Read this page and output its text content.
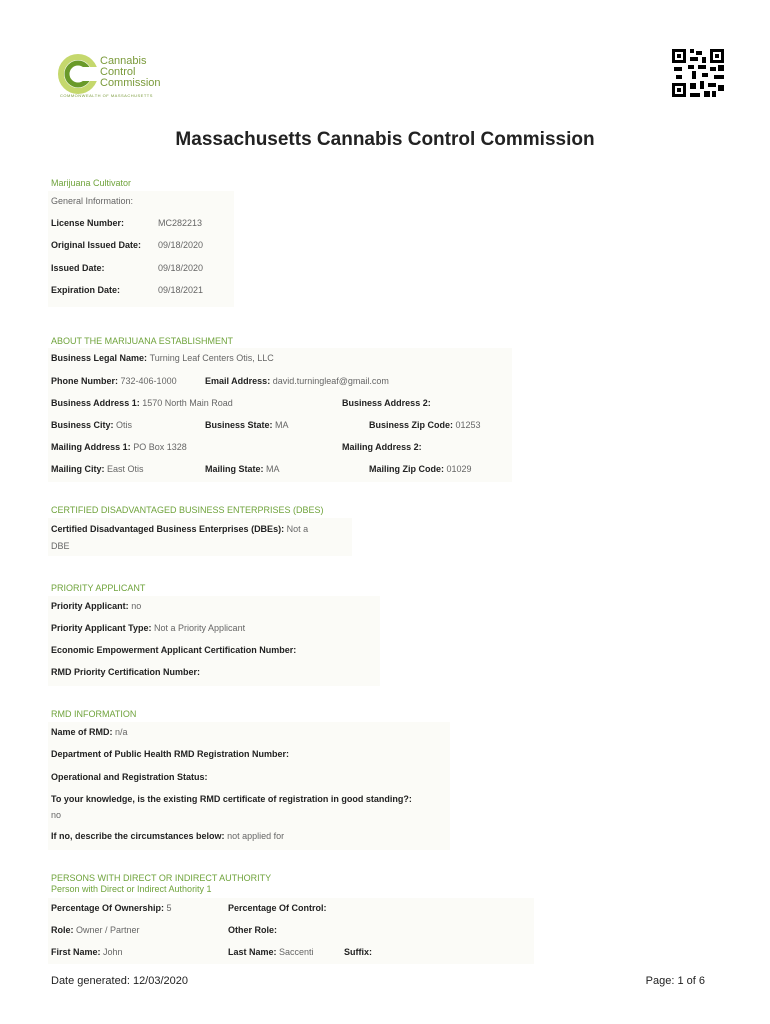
Cannabis
Control
Commission
COMMONWEALTH OF MASSACHUSETTS
Massachusetts Cannabis Control Commission
Marijuana Cultivator
General Information:
License Number:	MC282213
Original Issued Date: 09/18/2020
Issued Date:	09/18/2020
Expiration Date:	09/18/2021
ABOUT THE MARIJUANA ESTABLISHMENT
Business Legal Name: Turning Leaf Centers Otis, LLC
Phone Number: 732-406-1000	Email Address: david.turningleaf@gmail.com
Business Address 1: 1570 North Main Road	Business Address 2:
Business City: Otis	Business State: MA	Business Zip Code: 01253
Mailing Address 1: PO Box 1328	Mailing Address 2:
Mailing City: East Otis	Mailing State: MA	Mailing Zip Code: 01029
CERTIFIED DISADVANTAGED BUSINESS ENTERPRISES (DBES)
Certified Disadvantaged Business Enterprises (DBEs): Not a
DBE
PRIORITY APPLICANT
Priority Applicant: no
Priority Applicant Type: Not a Priority Applicant
Economic Empowerment Applicant Certification Number:
RMD Priority Certification Number:
RMD INFORMATION
Name of RMD: n/a
Department of Public Health RMD Registration Number:
Operational and Registration Status:
To your knowledge, is the existing RMD certificate of registration in good standing?:
no
If no, describe the circumstances below: not applied for
PERSONS WITH DIRECT OR INDIRECT AUTHORITY
Person with Direct or Indirect Authority 1
Percentage Of Ownership: 5	Percentage Of Control:
Role: Owner / Partner	Other Role:
First Name: John	Last Name: Saccenti	Suffix:
Date generated: 12/03/2020	Page: 1 of 6
